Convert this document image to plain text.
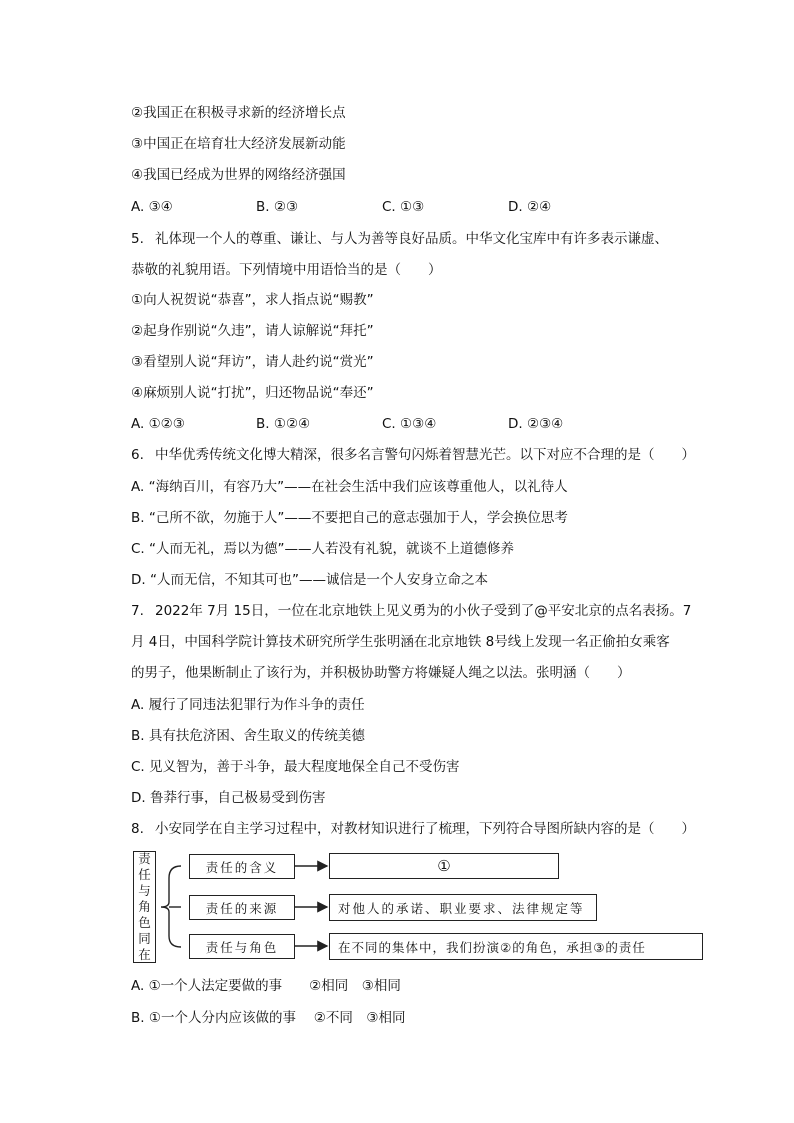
②我国正在积极寻求新的经济增长点
③中国正在培育壮大经济发展新动能
④我国已经成为世界的网络经济强国
A. ③④	B. ②③	C. ①③	D. ②④
5. 礼体现一个人的尊重、谦让、与人为善等良好品质。中华文化宝库中有许多表示谦虚、
恭敬的礼貌用语。下列情境中用语恰当的是（　　）
①向人祝贺说“恭喜”，求人指点说“赐教”
②起身作别说“久违”，请人谅解说“拜托”
③看望别人说“拜访”，请人赴约说“赏光”
④麻烦别人说“打扰”，归还物品说“奉还”
A. ①②③	B. ①②④	C. ①③④	D. ②③④
6. 中华优秀传统文化博大精深，很多名言警句闪烁着智慧光芒。以下对应不合理的是（　　）
A. “海纳百川，有容乃大”——在社会生活中我们应该尊重他人，以礼待人
B. “己所不欲，勿施于人”——不要把自己的意志强加于人，学会换位思考
C. “人而无礼，焉以为德”——人若没有礼貌，就谈不上道德修养
D. “人而无信，不知其可也”——诚信是一个人安身立命之本
7. 2022年 7月 15日，一位在北京地铁上见义勇为的小伙子受到了@平安北京的点名表扬。7
月 4日，中国科学院计算技术研究所学生张明涵在北京地铁 8号线上发现一名正偷拍女乘客
的男子，他果断制止了该行为，并积极协助警方将嫌疑人绳之以法。张明涵（　　）
A. 履行了同违法犯罪行为作斗争的责任
B. 具有扶危济困、舍生取义的传统美德
C. 见义智为，善于斗争，最大程度地保全自己不受伤害
D. 鲁莽行事，自己极易受到伤害
8. 小安同学在自主学习过程中，对教材知识进行了梳理，下列符合导图所缺内容的是（　　）
责任与角色同在
责任的含义	①
责任的来源	对他人的承诺、职业要求、法律规定等
责任与角色	在不同的集体中，我们扮演②的角色，承担③的责任
A. ①一个人法定要做的事　　②相同　③相同
B. ①一个人分内应该做的事　 ②不同　③相同
